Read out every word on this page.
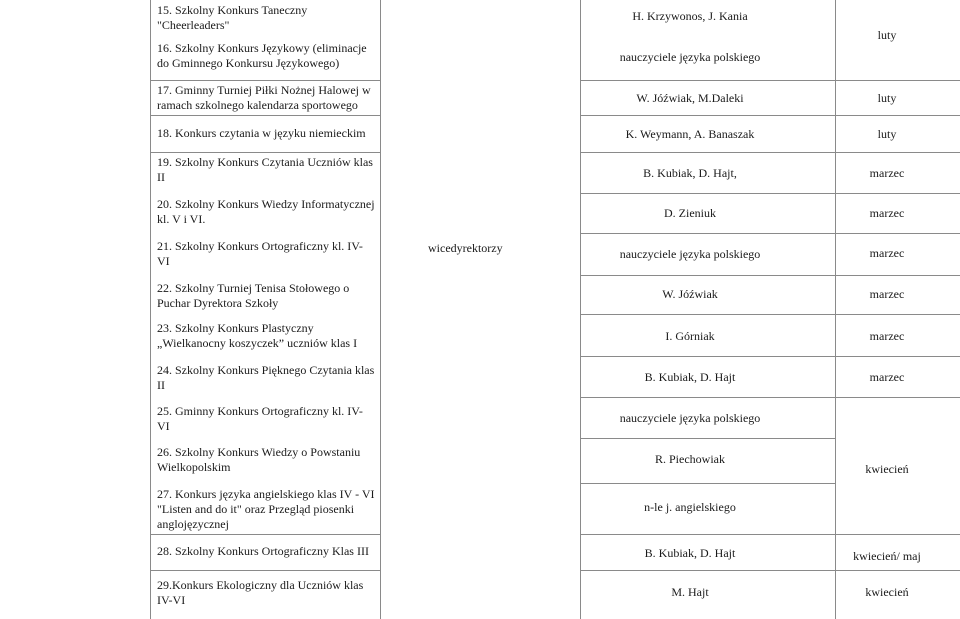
15. Szkolny Konkurs Taneczny "Cheerleaders"
16. Szkolny Konkurs Językowy (eliminacje do Gminnego Konkursu Językowego)
17. Gminny Turniej Piłki Nożnej Halowej w ramach szkolnego kalendarza sportowego
18. Konkurs czytania w języku niemieckim
19. Szkolny Konkurs Czytania Uczniów klas II
20. Szkolny Konkurs Wiedzy Informatycznej kl. V i VI.
21. Szkolny Konkurs Ortograficzny kl. IV-VI
22. Szkolny Turniej Tenisa Stołowego o Puchar Dyrektora Szkoły
23. Szkolny Konkurs Plastyczny „Wielkanocny koszyczek” uczniów klas I
24. Szkolny Konkurs Pięknego Czytania klas II
25. Gminny Konkurs Ortograficzny kl. IV-VI
26. Szkolny Konkurs Wiedzy o Powstaniu Wielkopolskim
27. Konkurs języka angielskiego klas IV - VI "Listen and do it" oraz Przegląd piosenki anglojęzycznej
28. Szkolny Konkurs Ortograficzny Klas III
29.Konkurs Ekologiczny dla Uczniów klas IV-VI
wicedyrektorzy
H. Krzywonos, J. Kania
nauczyciele języka polskiego
W. Jóźwiak, M.Daleki
K. Weymann, A. Banaszak
B. Kubiak, D. Hajt,
D. Zieniuk
nauczyciele języka polskiego
W. Jóźwiak
I. Górniak
B. Kubiak, D. Hajt
nauczyciele języka polskiego
R. Piechowiak
n-le j. angielskiego
B. Kubiak, D. Hajt
M. Hajt
luty
luty
luty
marzec
marzec
marzec
marzec
marzec
marzec
kwiecień
kwiecień/ maj
kwiecień
